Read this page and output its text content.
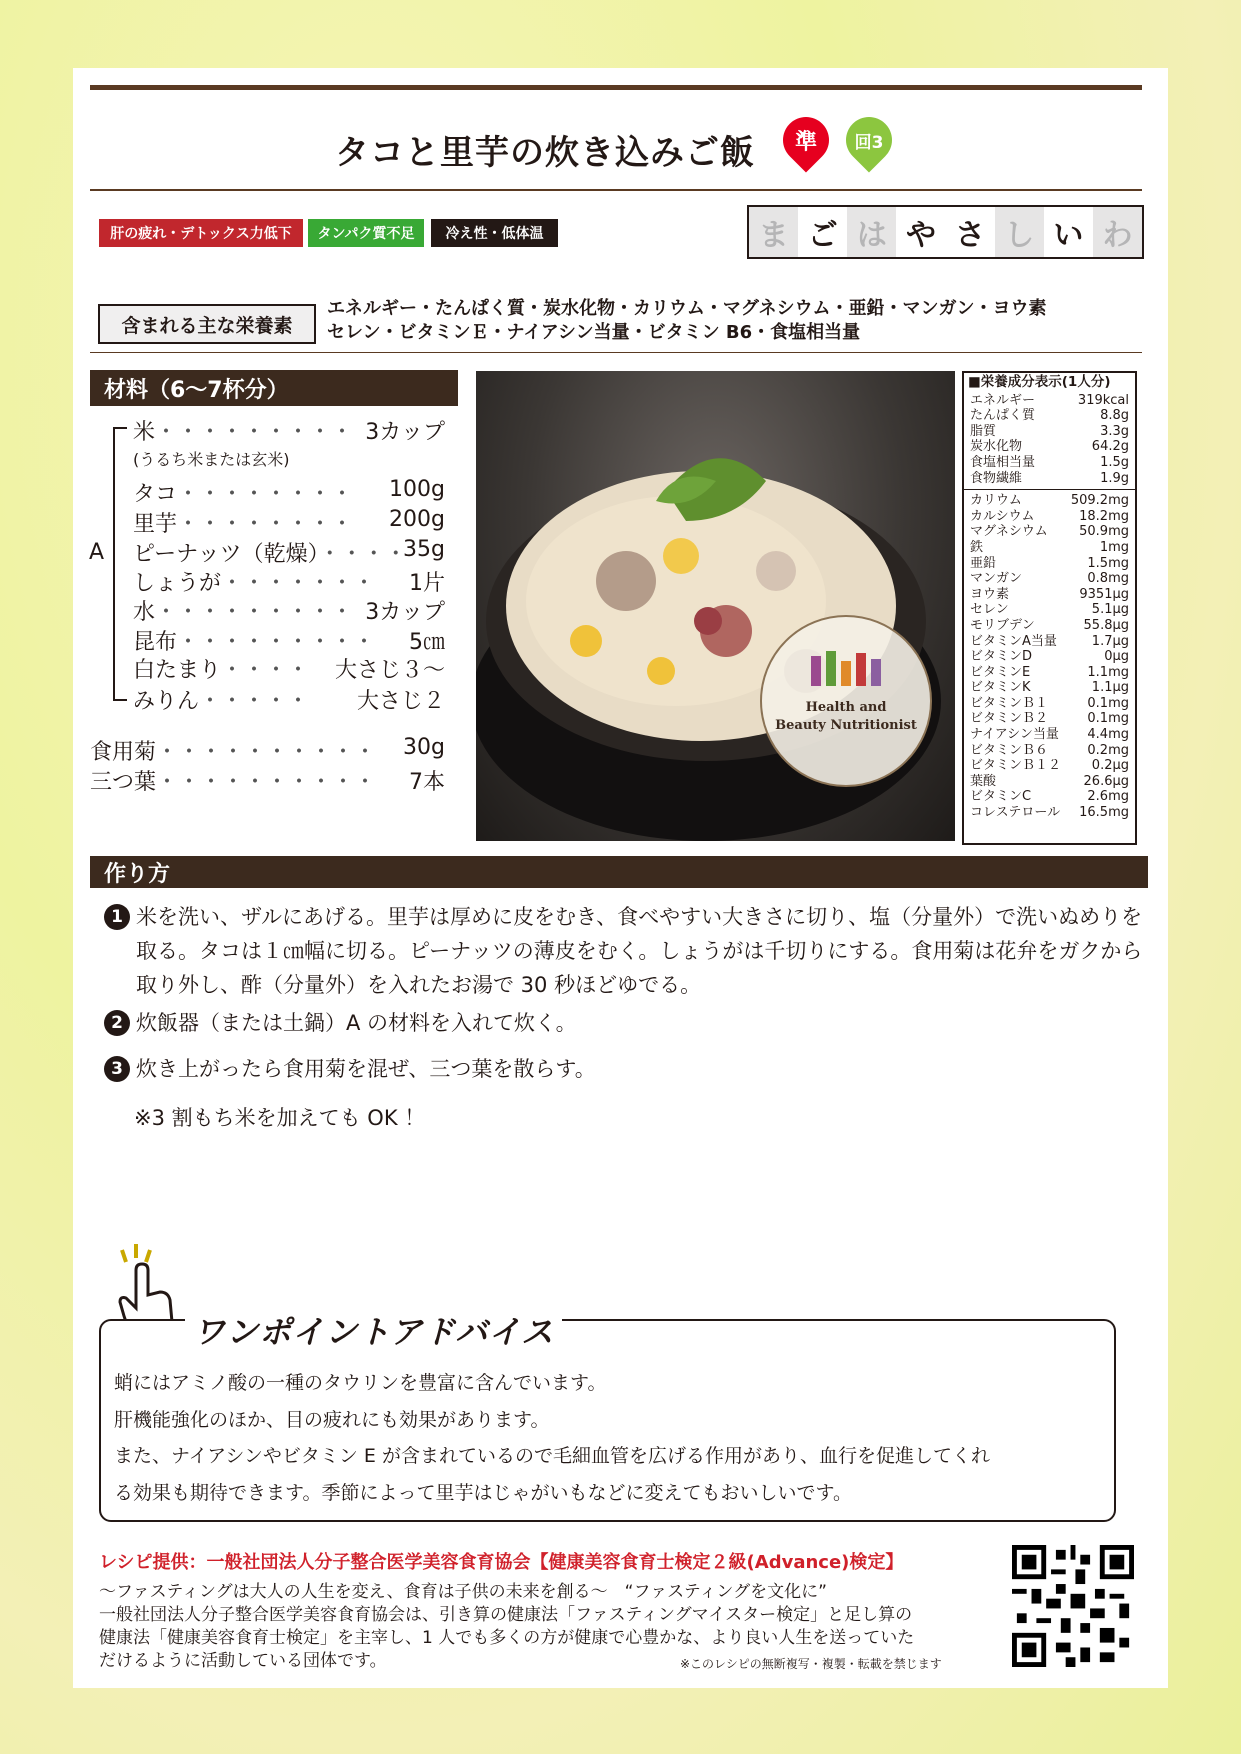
タコと里芋の炊き込みご飯	準	回3
肝の疲れ・デトックス力低下	タンパク質不足	冷え性・低体温	ま ご は や さ し い わ
含まれる主な栄養素
エネルギー・たんぱく質・炭水化物・カリウム・マグネシウム・亜鉛・マンガン・ヨウ素
セレン・ビタミンＥ・ナイアシン当量・ビタミン B6・食塩相当量
材料（6～7杯分）
A
米・・・・・・・・・ 3カップ
(うるち米または玄米)
タコ・・・・・・・・ 100g
里芋・・・・・・・・ 200g
ピーナッツ（乾燥）・・・・
35g
しょうが・・・・・・・ 1片
水・・・・・・・・・ 3カップ
昆布・・・・・・・・・ 5㎝
白たまり・・・・ 大さじ３～
みりん・・・・・ 大さじ２
食用菊・・・・・・・・・・ 30g
三つ葉・・・・・・・・・・ 7本
Health and
Beauty Nutritionist
■栄養成分表示(1人分)
エネルギー	319kcal
たんぱく質	8.8g
脂質	3.3g
炭水化物	64.2g
食塩相当量	1.5g
食物繊維	1.9g
カリウム	509.2mg
カルシウム	18.2mg
マグネシウム 50.9mg
鉄	1mg
亜鉛	1.5mg
マンガン	0.8mg
ヨウ素	9351μg
セレン	5.1μg
モリブデン	55.8μg
ビタミンA当量	1.7μg
ビタミンD	0μg
ビタミンE	1.1mg
ビタミンK	1.1μg
ビタミンＢ１	0.1mg
ビタミンＢ２	0.1mg
ナイアシン当量 4.4mg
ビタミンＢ６	0.2mg
ビタミンＢ１２ 0.2μg
葉酸	26.6μg
ビタミンC	2.6mg
コレステロール 16.5mg
作り方
1 米を洗い、ザルにあげる。里芋は厚めに皮をむき、食べやすい大きさに切り、塩（分量外）で洗いぬめりを取る。タコは１㎝幅に切る。ピーナッツの薄皮をむく。しょうがは千切りにする。食用菊は花弁をガクから取り外し、酢（分量外）を入れたお湯で 30 秒ほどゆでる。
2 炊飯器（または土鍋）A の材料を入れて炊く。
3 炊き上がったら食用菊を混ぜ、三つ葉を散らす。
※3 割もち米を加えても OK ！
ワンポイントアドバイス
蛸にはアミノ酸の一種のタウリンを豊富に含んでいます。
肝機能強化のほか、目の疲れにも効果があります。
また、ナイアシンやビタミン E が含まれているので毛細血管を広げる作用があり、血行を促進してくれ
る効果も期待できます。季節によって里芋はじゃがいもなどに変えてもおいしいです。
レシピ提供：一般社団法人分子整合医学美容食育協会【健康美容食育士検定２級(Advance)検定】
～ファスティングは大人の人生を変え、食育は子供の未来を創る～　“ファスティングを文化に”
一般社団法人分子整合医学美容食育協会は、引き算の健康法「ファスティングマイスター検定」と足し算の
健康法「健康美容食育士検定」を主宰し、1 人でも多くの方が健康で心豊かな、より良い人生を送っていた
だけるように活動している団体です。	※このレシピの無断複写・複製・転載を禁じます
